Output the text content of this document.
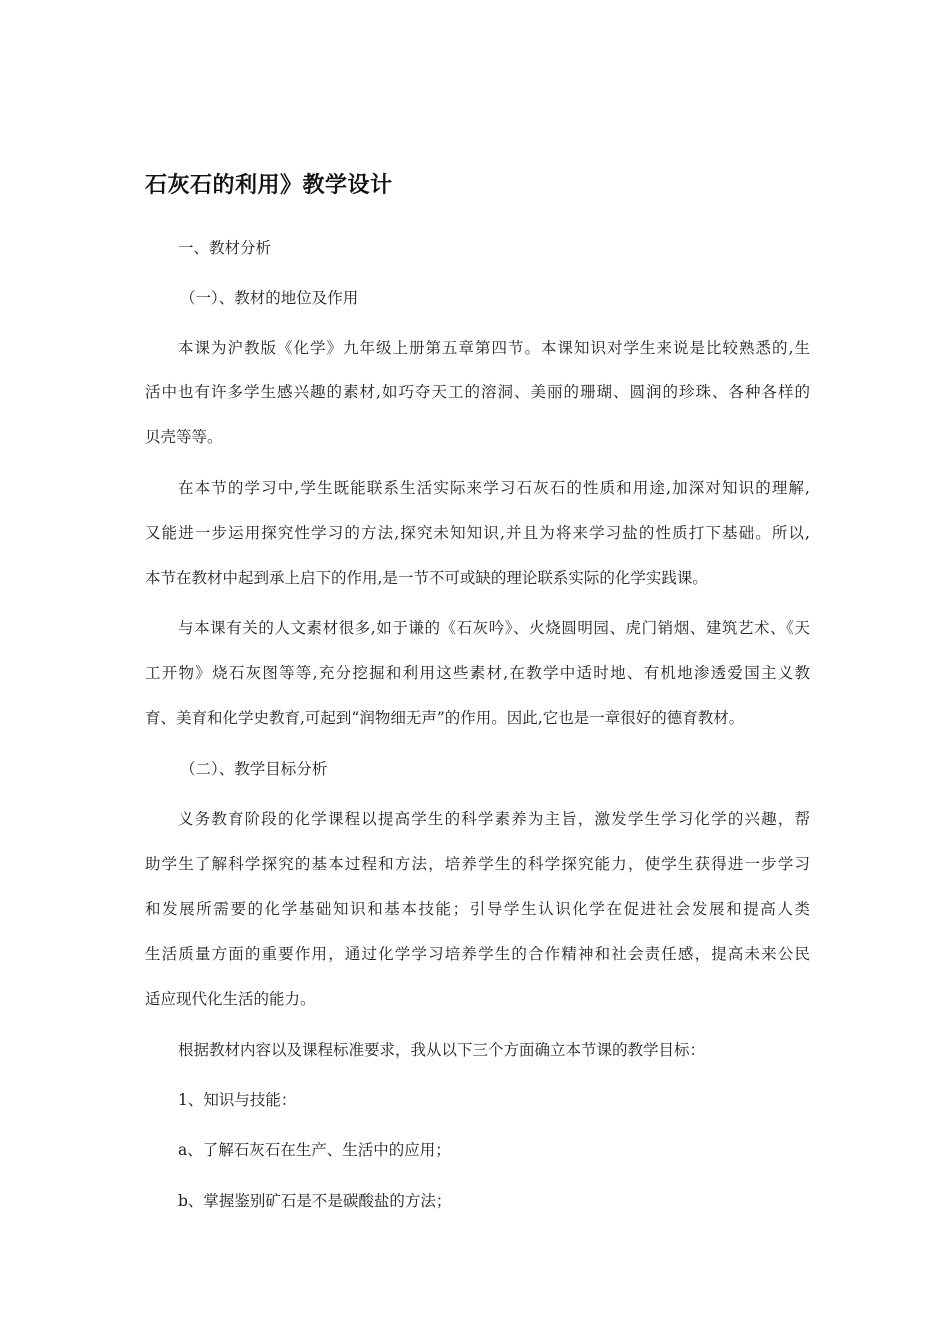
石灰石的利用》教学设计
一、教材分析
（一）、教材的地位及作用
本课为沪教版《化学》九年级上册第五章第四节。本课知识对学生来说是比较熟悉的,生
活中也有许多学生感兴趣的素材,如巧夺天工的溶洞、美丽的珊瑚、圆润的珍珠、各种各样的
贝壳等等。
在本节的学习中,学生既能联系生活实际来学习石灰石的性质和用途,加深对知识的理解,
又能进一步运用探究性学习的方法,探究未知知识,并且为将来学习盐的性质打下基础。所以,
本节在教材中起到承上启下的作用,是一节不可或缺的理论联系实际的化学实践课。
与本课有关的人文素材很多,如于谦的《石灰吟》、火烧圆明园、虎门销烟、建筑艺术、《天
工开物》烧石灰图等等,充分挖掘和利用这些素材,在教学中适时地、有机地渗透爱国主义教
育、美育和化学史教育,可起到“润物细无声”的作用。因此,它也是一章很好的德育教材。
（二）、教学目标分析
义务教育阶段的化学课程以提高学生的科学素养为主旨，激发学生学习化学的兴趣，帮
助学生了解科学探究的基本过程和方法，培养学生的科学探究能力，使学生获得进一步学习
和发展所需要的化学基础知识和基本技能；引导学生认识化学在促进社会发展和提高人类
生活质量方面的重要作用，通过化学学习培养学生的合作精神和社会责任感，提高未来公民
适应现代化生活的能力。
根据教材内容以及课程标准要求，我从以下三个方面确立本节课的教学目标：
1、知识与技能：
a、了解石灰石在生产、生活中的应用；
b、掌握鉴别矿石是不是碳酸盐的方法；
